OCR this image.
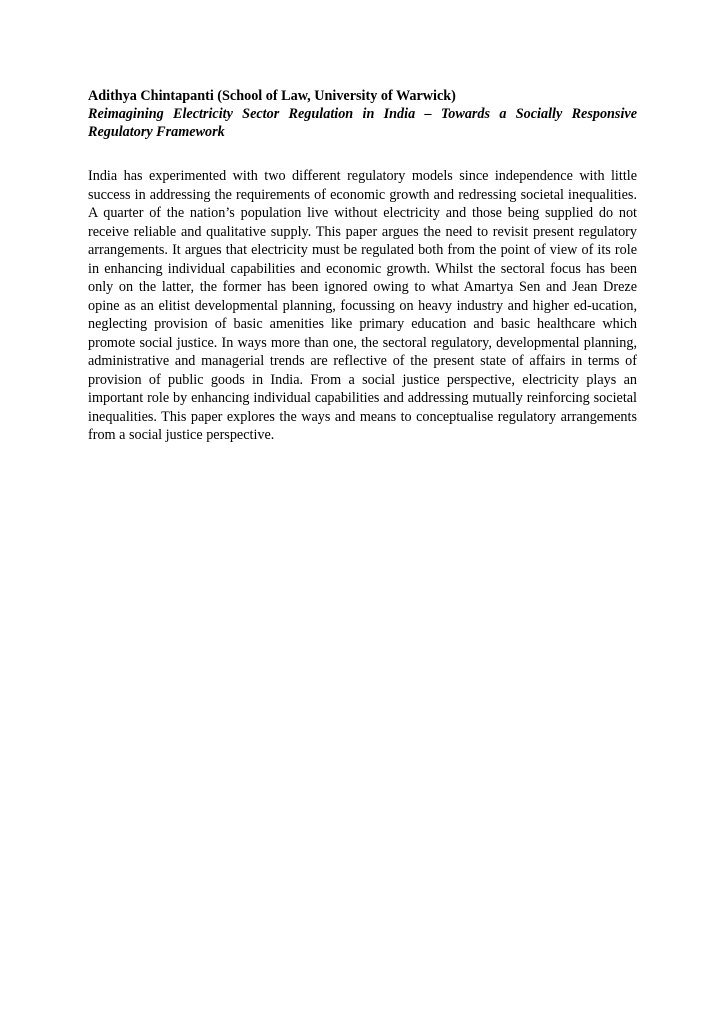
Adithya Chintapanti (School of Law, University of Warwick)

Reimagining Electricity Sector Regulation in India – Towards a Socially Responsive Regulatory Framework

India has experimented with two different regulatory models since independence with little success in addressing the requirements of economic growth and redressing societal inequalities. A quarter of the nation’s population live without electricity and those being supplied do not receive reliable and qualitative supply. This paper argues the need to revisit present regulatory arrangements. It argues that electricity must be regulated both from the point of view of its role in enhancing individual capabilities and economic growth. Whilst the sectoral focus has been only on the latter, the former has been ignored owing to what Amartya Sen and Jean Dreze opine as an elitist developmental planning, focussing on heavy industry and higher ed-ucation, neglecting provision of basic amenities like primary education and basic healthcare which promote social justice. In ways more than one, the sectoral regulatory, developmental planning, administrative and managerial trends are reflective of the present state of affairs in terms of provision of public goods in India. From a social justice perspective, electricity plays an important role by enhancing individual capabilities and addressing mutually reinforcing societal inequalities. This paper explores the ways and means to conceptualise regulatory arrangements from a social justice perspective.
